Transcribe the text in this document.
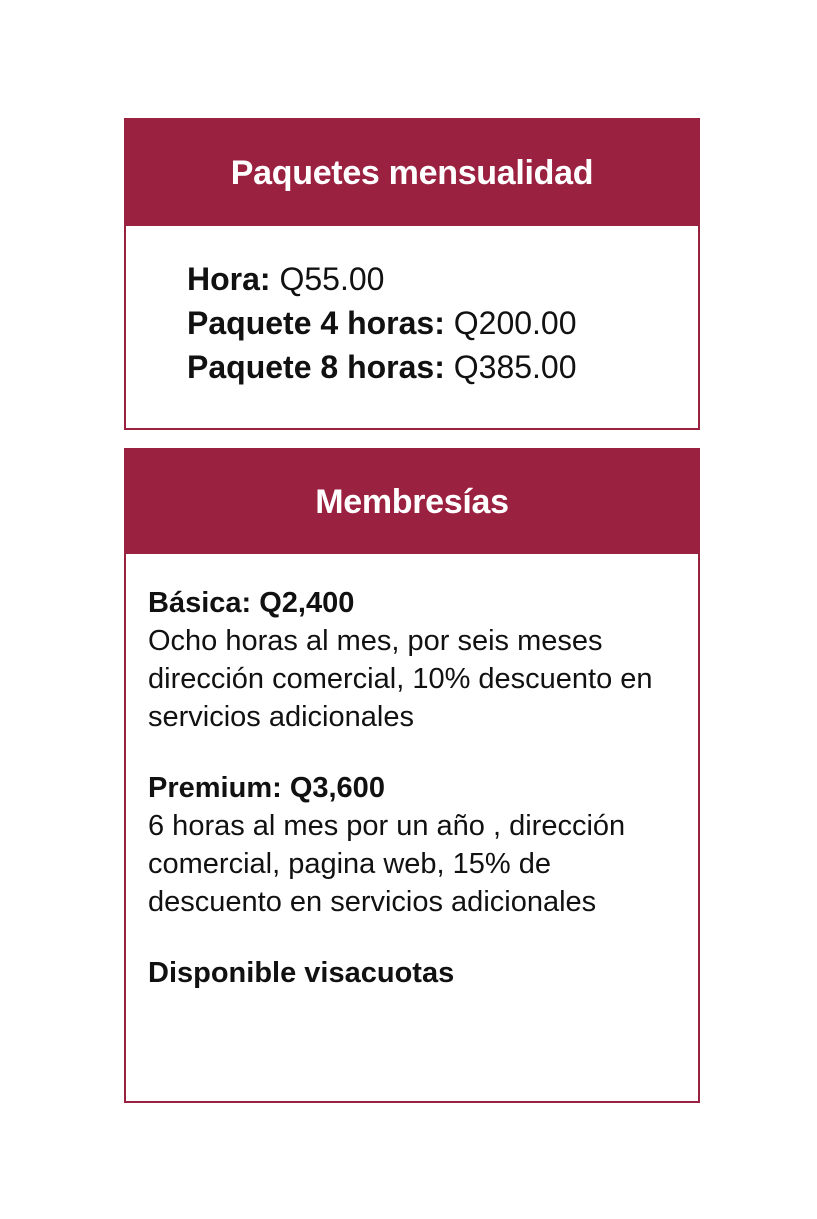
Paquetes mensualidad
Hora: Q55.00
Paquete 4 horas: Q200.00
Paquete 8 horas: Q385.00
Membresías
Básica: Q2,400
Ocho horas al mes, por seis meses dirección comercial, 10% descuento en servicios adicionales
Premium: Q3,600
6 horas al mes por un año , dirección comercial, pagina web, 15% de descuento en servicios adicionales
Disponible visacuotas
